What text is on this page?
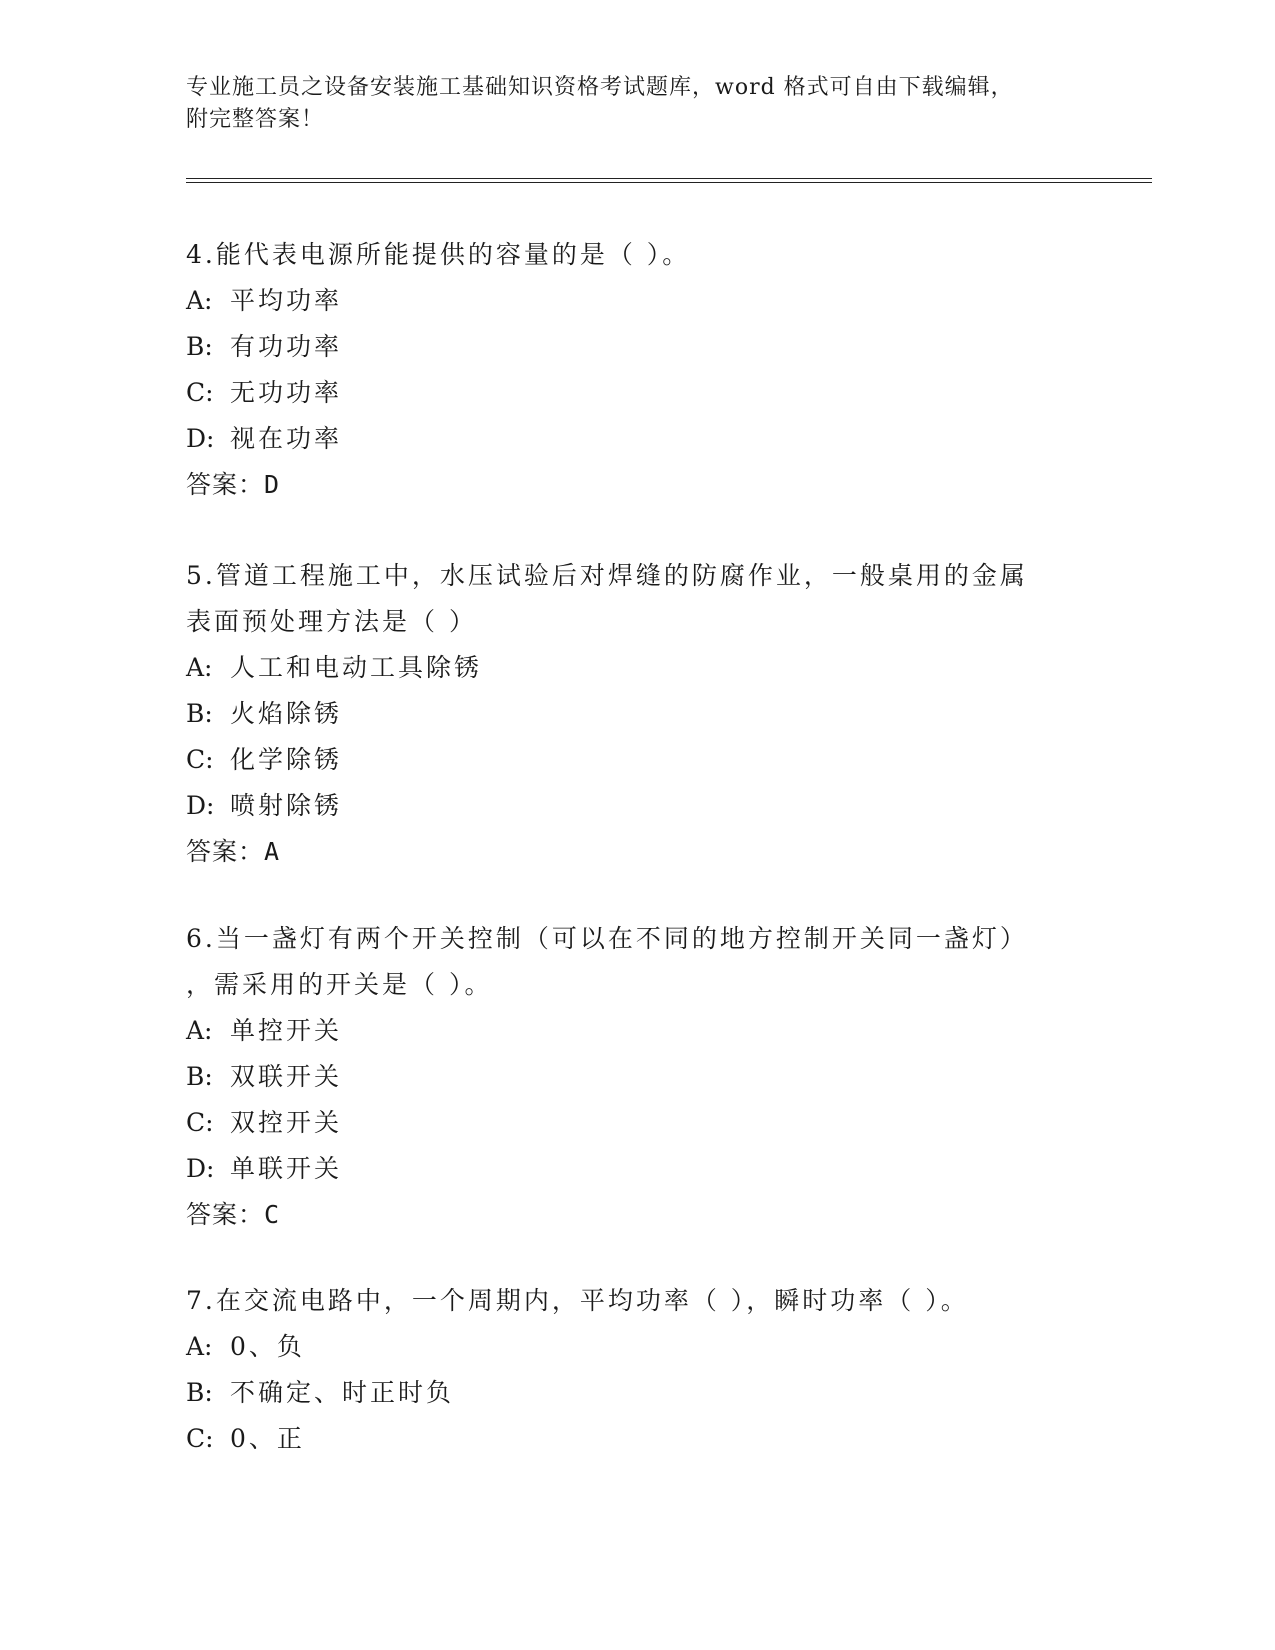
专业施工员之设备安装施工基础知识资格考试题库，word 格式可自由下载编辑，
附完整答案！
4.能代表电源所能提供的容量的是（ ）。
A: 平均功率
B: 有功功率
C: 无功功率
D: 视在功率
答案：D
5.管道工程施工中，水压试验后对焊缝的防腐作业，一般桌用的金属
表面预处理方法是（ ）
A: 人工和电动工具除锈
B: 火焰除锈
C: 化学除锈
D: 喷射除锈
答案：A
6.当一盏灯有两个开关控制（可以在不同的地方控制开关同一盏灯）
，需采用的开关是（ ）。
A: 单控开关
B: 双联开关
C: 双控开关
D: 单联开关
答案：C
7.在交流电路中，一个周期内，平均功率（ ），瞬时功率（ ）。
A: 0、负
B: 不确定、时正时负
C: 0、正
